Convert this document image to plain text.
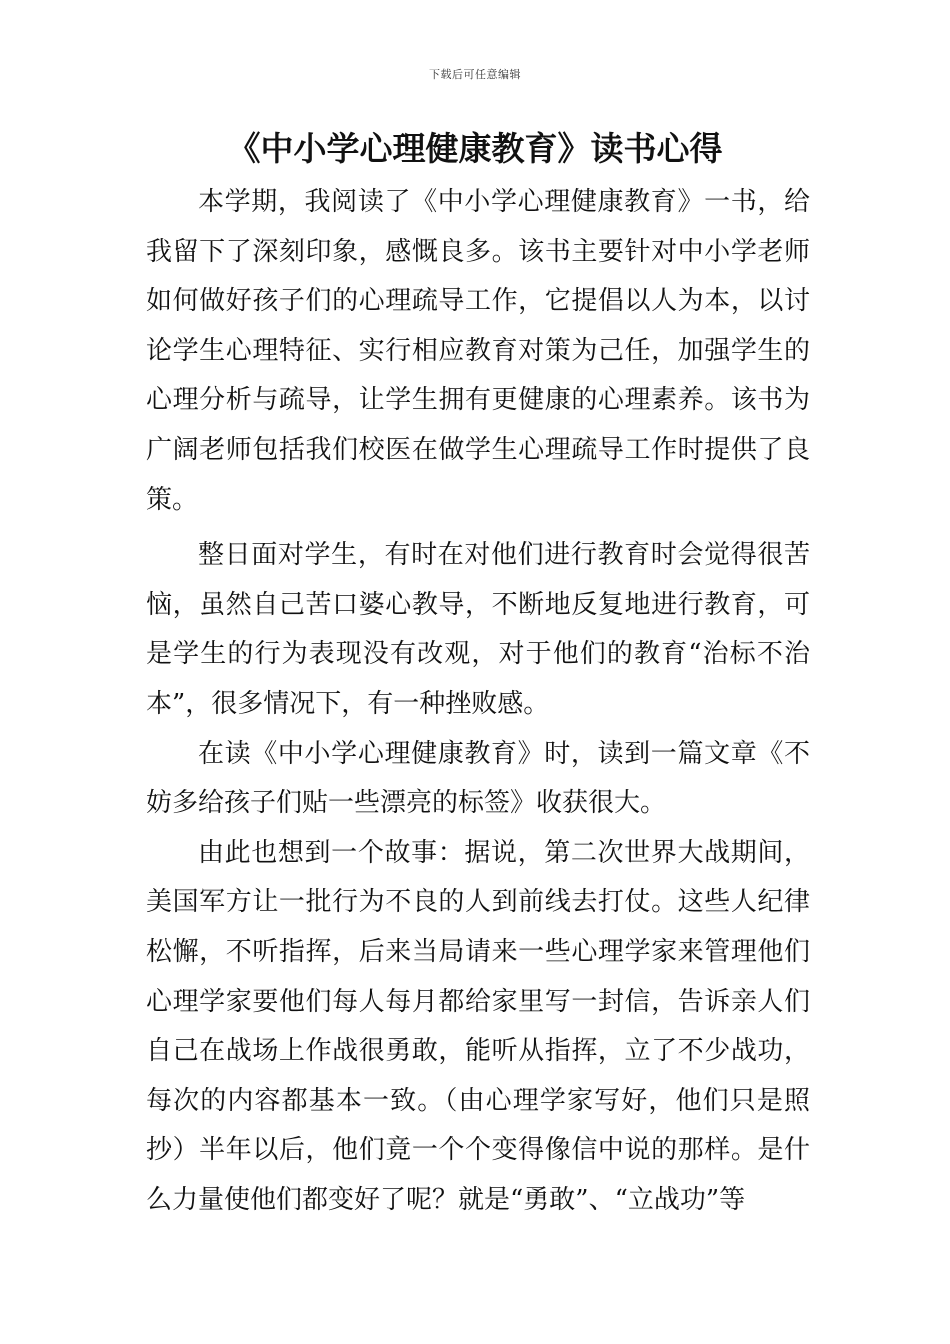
下载后可任意编辑
《中小学心理健康教育》读书心得

本学期，我阅读了《中小学心理健康教育》一书，给我留下了深刻印象，感慨良多。该书主要针对中小学老师如何做好孩子们的心理疏导工作，它提倡以人为本，以讨论学生心理特征、实行相应教育对策为己任，加强学生的心理分析与疏导，让学生拥有更健康的心理素养。该书为广阔老师包括我们校医在做学生心理疏导工作时提供了良策。

整日面对学生，有时在对他们进行教育时会觉得很苦恼，虽然自己苦口婆心教导，不断地反复地进行教育，可是学生的行为表现没有改观，对于他们的教育“治标不治本”，很多情况下，有一种挫败感。

在读《中小学心理健康教育》时，读到一篇文章《不妨多给孩子们贴一些漂亮的标签》收获很大。

由此也想到一个故事：据说，第二次世界大战期间，美国军方让一批行为不良的人到前线去打仗。这些人纪律松懈，不听指挥，后来当局请来一些心理学家来管理他们心理学家要他们每人每月都给家里写一封信，告诉亲人们自己在战场上作战很勇敢，能听从指挥，立了不少战功，每次的内容都基本一致。（由心理学家写好，他们只是照抄）半年以后，他们竟一个个变得像信中说的那样。是什么力量使他们都变好了呢？就是“勇敢”、“立战功”等
